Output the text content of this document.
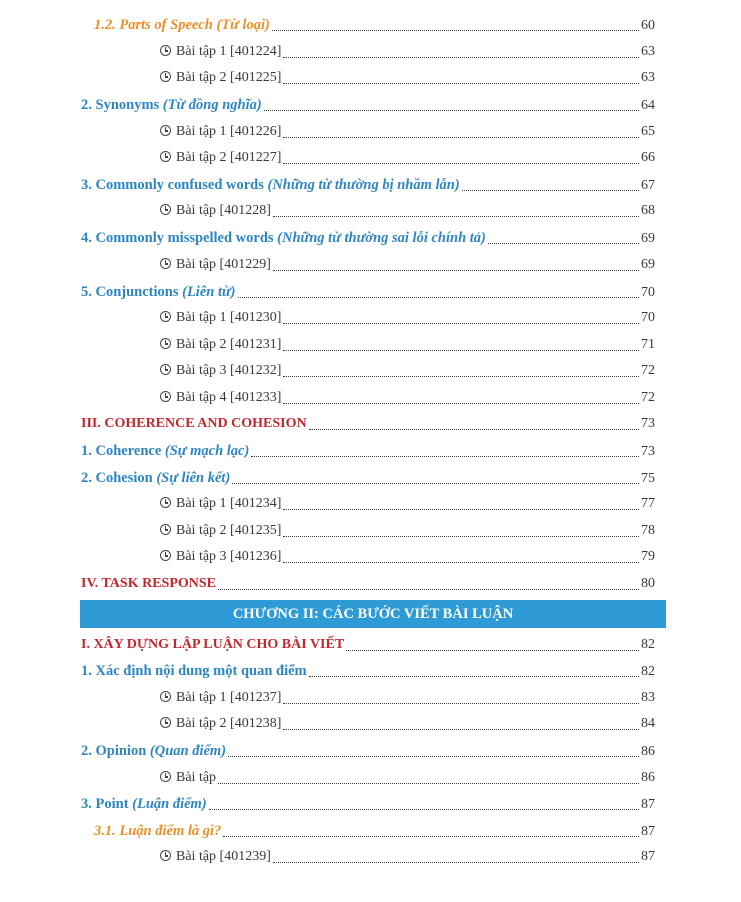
1.2. Parts of Speech (Từ loại)	60
Bài tập 1 [401224]	63
Bài tập 2 [401225]	63
2. Synonyms (Từ đồng nghĩa)	64
Bài tập 1 [401226]	65
Bài tập 2 [401227]	66
3. Commonly confused words (Những từ thường bị nhầm lẫn)	67
Bài tập [401228]	68
4. Commonly misspelled words (Những từ thường sai lỗi chính tả)	69
Bài tập [401229]	69
5. Conjunctions (Liên từ)	70
Bài tập 1 [401230]	70
Bài tập 2 [401231]	71
Bài tập 3 [401232]	72
Bài tập 4 [401233]	72
III. COHERENCE AND COHESION	73
1. Coherence (Sự mạch lạc)	73
2. Cohesion (Sự liên kết)	75
Bài tập 1 [401234]	77
Bài tập 2 [401235]	78
Bài tập 3 [401236]	79
IV. TASK RESPONSE	80
I. XÂY DỰNG LẬP LUẬN CHO BÀI VIẾT	82
1. Xác định nội dung một quan điểm	82
Bài tập 1 [401237]	83
Bài tập 2 [401238]	84
2. Opinion (Quan điểm)	86
Bài tập	86
3. Point (Luận điểm)	87
3.1. Luận điểm là gì?	87
Bài tập [401239]	87
CHƯƠNG II: CÁC BƯỚC VIẾT BÀI LUẬN
